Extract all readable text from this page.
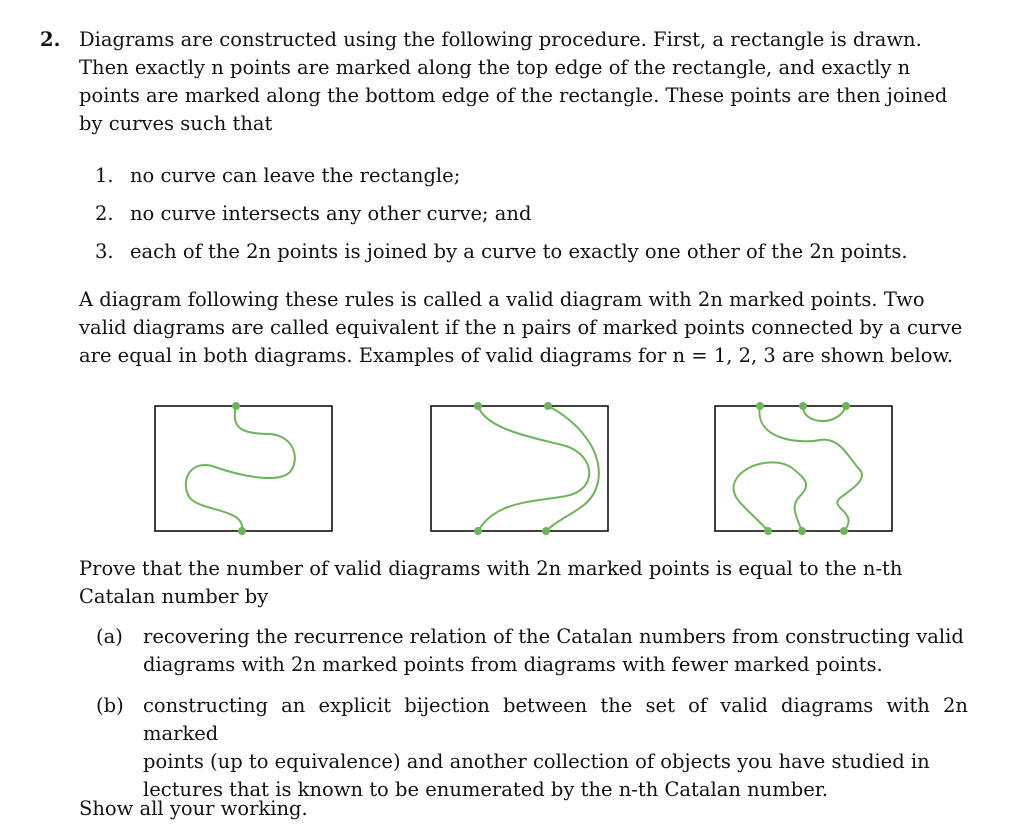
2. Diagrams are constructed using the following procedure. First, a rectangle is drawn.
Then exactly n points are marked along the top edge of the rectangle, and exactly n
points are marked along the bottom edge of the rectangle. These points are then joined
by curves such that
1. no curve can leave the rectangle;
2. no curve intersects any other curve; and
3. each of the 2n points is joined by a curve to exactly one other of the 2n points.
A diagram following these rules is called a valid diagram with 2n marked points. Two
valid diagrams are called equivalent if the n pairs of marked points connected by a curve
are equal in both diagrams. Examples of valid diagrams for n = 1, 2, 3 are shown below.
Prove that the number of valid diagrams with 2n marked points is equal to the n-th
Catalan number by
(a) recovering the recurrence relation of the Catalan numbers from constructing valid
diagrams with 2n marked points from diagrams with fewer marked points.
(b) constructing an explicit bijection between the set of valid diagrams with 2n marked
points (up to equivalence) and another collection of objects you have studied in
lectures that is known to be enumerated by the n-th Catalan number.
Show all your working.
